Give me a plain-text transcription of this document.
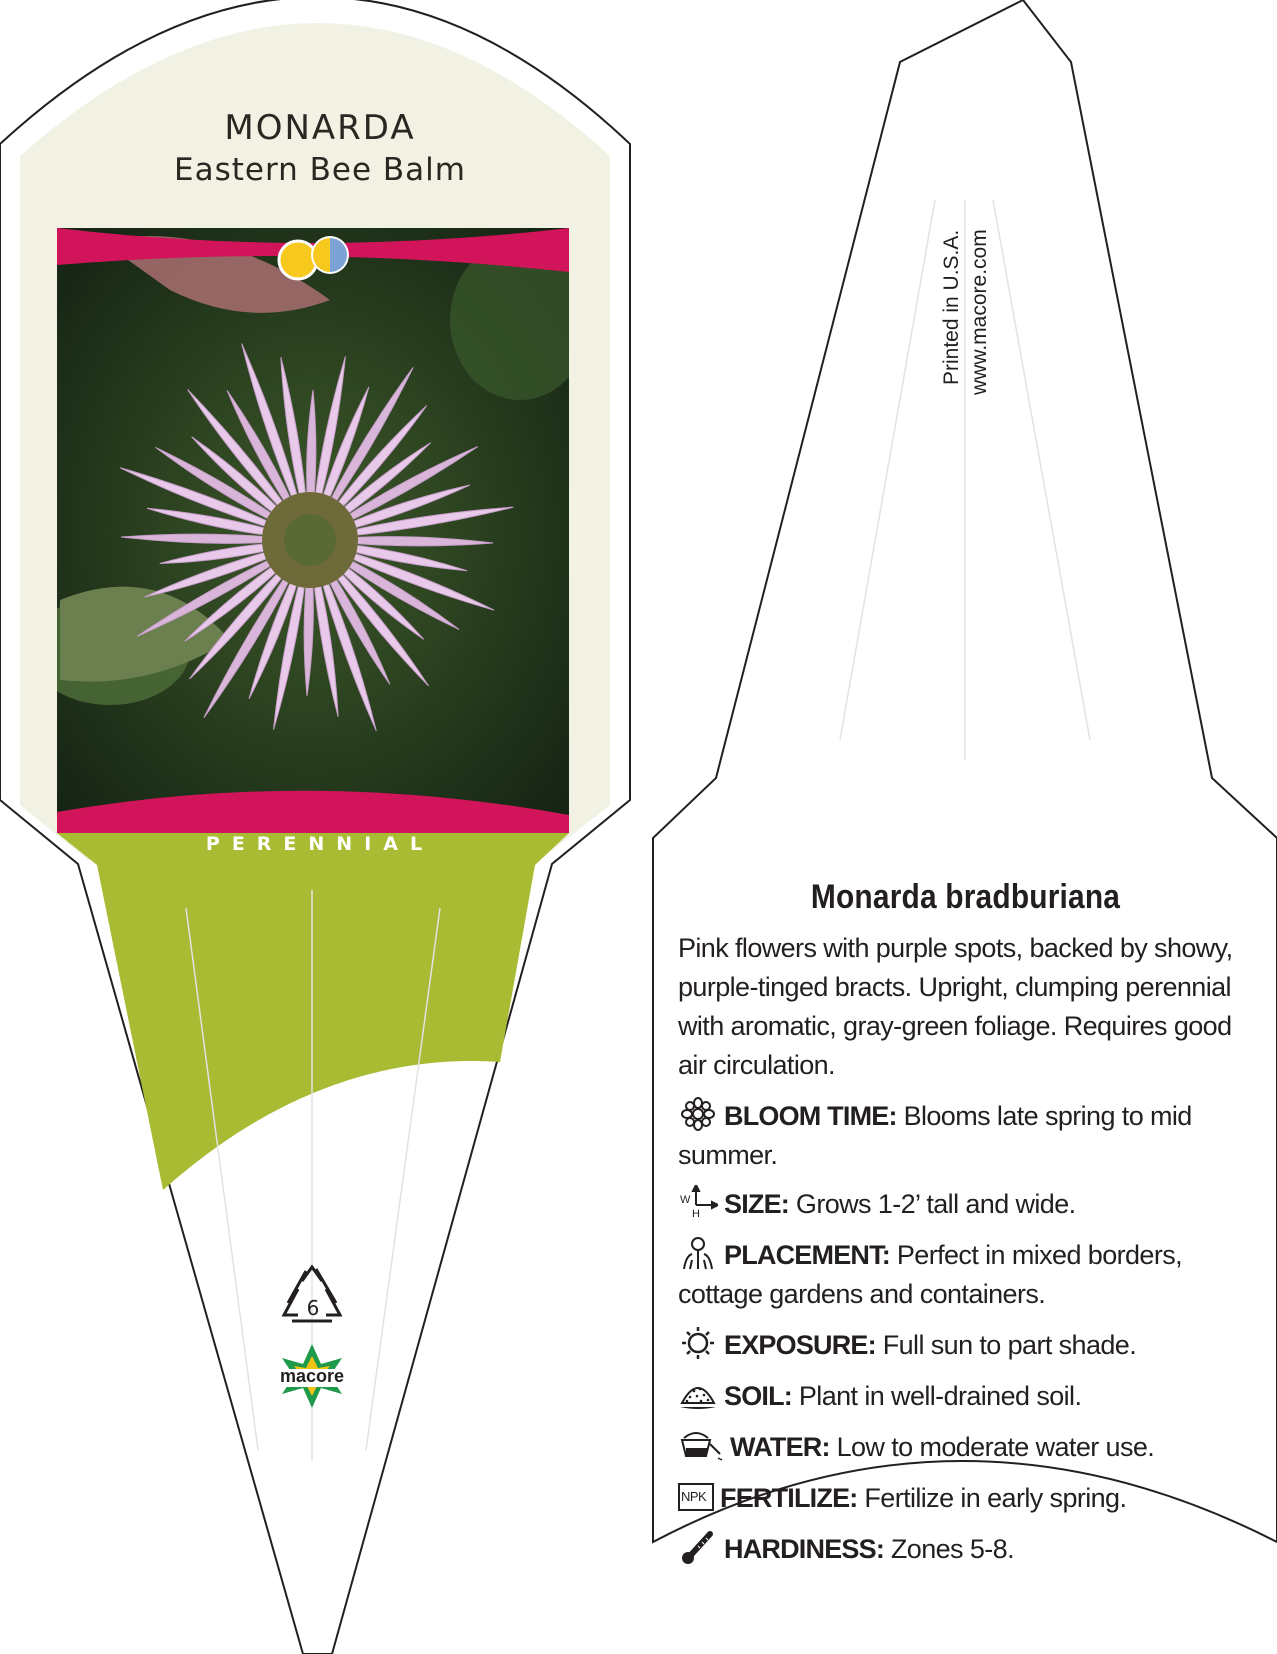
MONARDA
Eastern Bee Balm
PERENNIAL
6
macore
Printed in U.S.A. www.macore.com
Monarda bradburiana
Pink flowers with purple spots, backed by showy, purple-tinged bracts. Upright, clumping perennial with aromatic, gray-green foliage. Requires good air circulation.
BLOOM TIME: Blooms late spring to mid summer.
W
H SIZE: Grows 1-2’ tall and wide.
PLACEMENT: Perfect in mixed borders, cottage gardens and containers.
EXPOSURE: Full sun to part shade.
SOIL: Plant in well-drained soil.
WATER: Low to moderate water use.
NPK FERTILIZE: Fertilize in early spring.
HARDINESS: Zones 5-8.
